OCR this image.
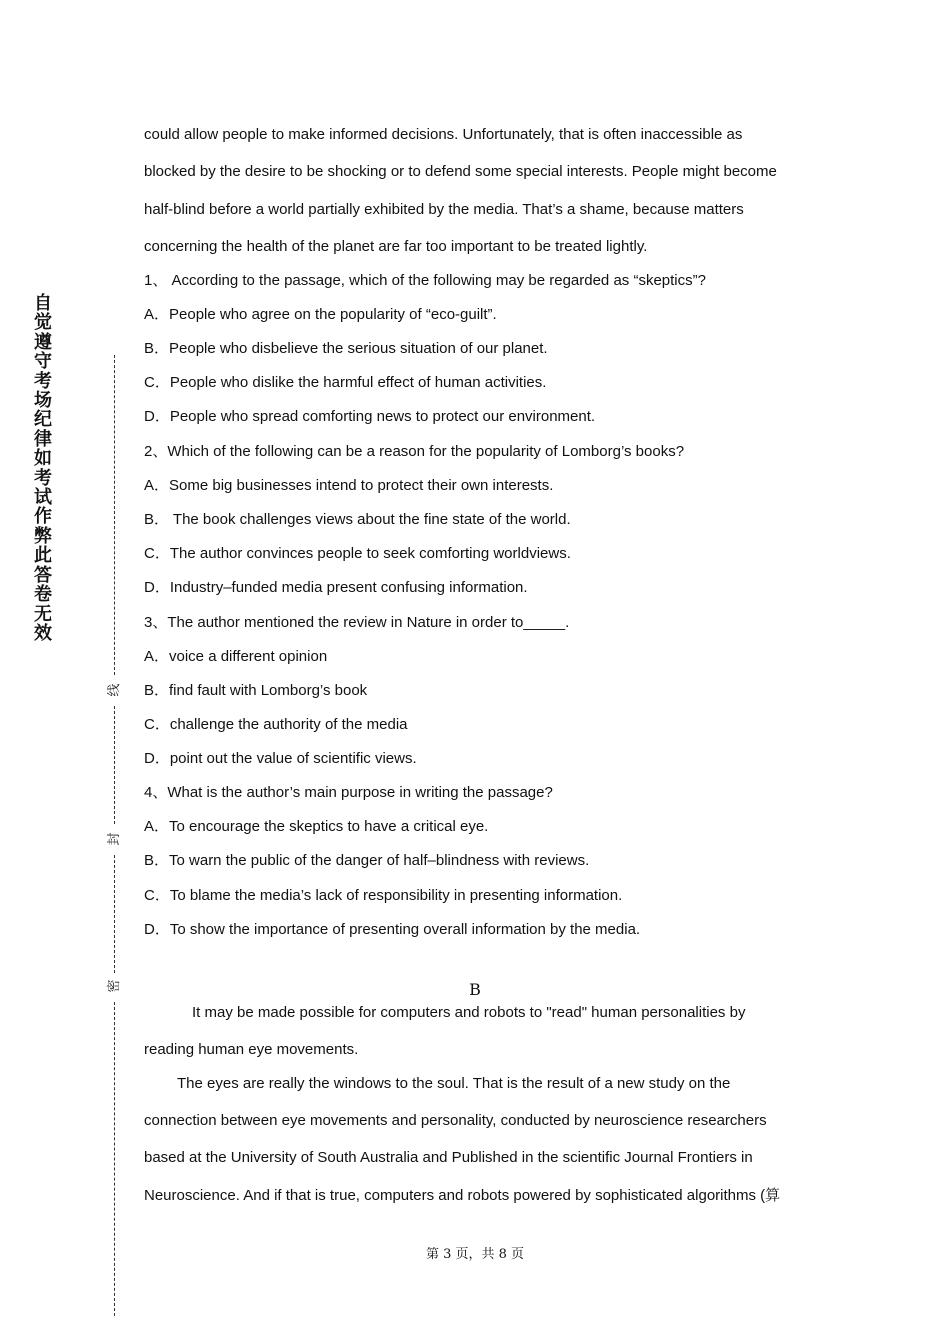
自觉遵守考场纪律如考试作弊此答卷无效
线
封
密
could allow people to make informed decisions. Unfortunately, that is often inaccessible as
blocked by the desire to be shocking or to defend some special interests. People might become
half-blind before a world partially exhibited by the media. That’s a shame, because matters
concerning the health of the planet are far too important to be treated lightly.
1、 According to the passage, which of the following may be regarded as “skeptics”?
A．People who agree on the popularity of “eco-guilt”.
B．People who disbelieve the serious situation of our planet.
C．People who dislike the harmful effect of human activities.
D．People who spread comforting news to protect our environment.
2、Which of the following can be a reason for the popularity of Lomborg’s books?
A．Some big businesses intend to protect their own interests.
B． The book challenges views about the fine state of the world.
C．The author convinces people to seek comforting worldviews.
D．Industry–funded media present confusing information.
3、The author mentioned the review in Nature in order to_____.
A．voice a different opinion
B．find fault with Lomborg’s book
C．challenge the authority of the media
D．point out the value of scientific views.
4、What is the author’s main purpose in writing the passage?
A．To encourage the skeptics to have a critical eye.
B．To warn the public of the danger of half–blindness with reviews.
C．To blame the media’s lack of responsibility in presenting information.
D．To show the importance of presenting overall information by the media.
B
It may be made possible for computers and robots to "read" human personalities by
reading human eye movements.
The eyes are really the windows to the soul. That is the result of a new study on the
connection between eye movements and personality, conducted by neuroscience researchers
based at the University of South Australia and Published in the scientific Journal Frontiers in
Neuroscience. And if that is true, computers and robots powered by sophisticated algorithms (算
第 3 页，共 8 页
